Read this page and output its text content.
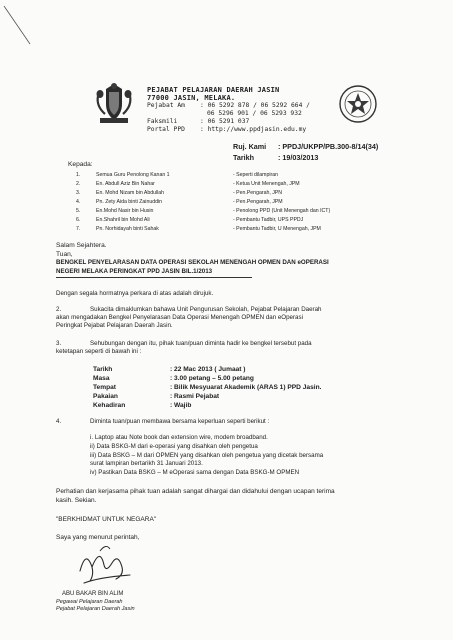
PEJABAT PELAJARAN DAERAH JASIN
77000 JASIN, MELAKA.
Pejabat Am : 06 5292 878 / 06 5292 664 /
06 5296 901 / 06 5293 932
Faksmili	: 06 5291 037
Portal PPD : http://www.ppdjasin.edu.my
Ruj. Kami : PPDJ/UKPP/PB.300-8/14(34)
Tarikh	: 19/03/2013
Kepada:
1.	Semua Guru Penolong Kanan 1	- Seperti dilampiran
2.	En. Abdull Aziz Bin Nahar	- Ketua Unit Menengah, JPM
3.	En. Mohd Nizam bin Abdullah	- Pen.Pengarah, JPN
4.	Pn. Zety Aida binti Zainuddin	- Pen.Pengarah, JPM
5.	En.Mohd Nasir bin Husin	- Penolong PPD (Unit Menengah dan ICT)
6.	En.Shahril bin Mohd Ali	- Pembantu Tadbir, UPS PPDJ
7.	Pn. Norhidayah binti Sahak	- Pembantu Tadbir, U Menengah, JPM
Salam Sejahtera.
Tuan,
BENGKEL PENYELARASAN DATA OPERASI SEKOLAH MENENGAH OPMEN DAN eOPERASI
NEGERI MELAKA PERINGKAT PPD JASIN BIL.1/2013
Dengan segala hormatnya perkara di atas adalah dirujuk.
2.	Sukacita dimaklumkan bahawa Unit Pengurusan Sekolah, Pejabat Pelajaran Daerah
akan mengadakan Bengkel Penyelarasan Data Operasi Menengah OPMEN dan eOperasi
Peringkat Pejabat Pelajaran Daerah Jasin.
3.	Sehubungan dengan itu, pihak tuan/puan diminta hadir ke bengkel tersebut pada
ketetapan seperti di bawah ini :
Tarikh	: 22 Mac 2013 ( Jumaat )
Masa	: 3.00 petang – 5.00 petang
Tempat	: Bilik Mesyuarat Akademik (ARAS 1) PPD Jasin.
Pakaian	: Rasmi Pejabat
Kehadiran	: Wajib
4.	Diminta tuan/puan membawa bersama keperluan seperti berikut :
i. Laptop atau Note book dan extension wire, modem broadband.
ii) Data BSKG-M dari e-operasi yang disahkan oleh pengetua
iii) Data BSKG – M dari OPMEN yang disahkan oleh pengetua yang dicetak bersama
surat lampiran bertarikh 31 Januari 2013.
iv) Pastikan Data BSKG – M eOperasi sama dengan Data BSKG-M OPMEN
Perhatian dan kerjasama pihak tuan adalah sangat dihargai dan didahului dengan ucapan terima
kasih. Sekian.
"BERKHIDMAT UNTUK NEGARA"
Saya yang menurut perintah,
ABU BAKAR BIN ALIM
Pegawai Pelajaran Daerah
Pejabat Pelajaran Daerah Jasin
